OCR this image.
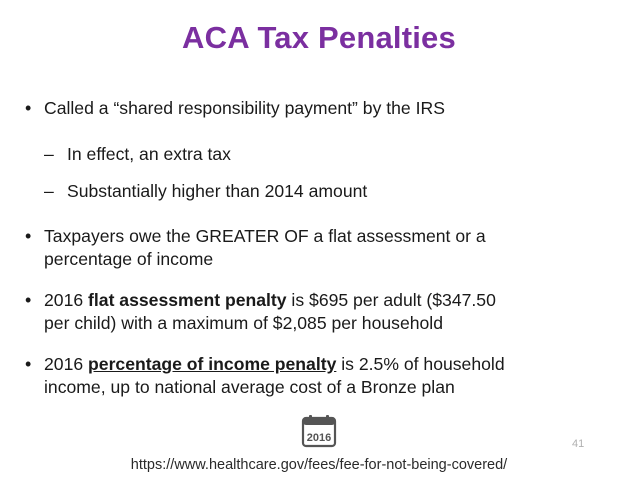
ACA Tax Penalties
• Called a “shared responsibility payment” by the IRS
– In effect, an extra tax
– Substantially higher than 2014 amount
• Taxpayers owe the GREATER OF a flat assessment or a
percentage of income
• 2016 flat assessment penalty is $695 per adult ($347.50
per child) with a maximum of $2,085 per household
• 2016 percentage of income penalty is 2.5% of household
income, up to national average cost of a Bronze plan
2016	41
https://www.healthcare.gov/fees/fee-for-not-being-covered/
